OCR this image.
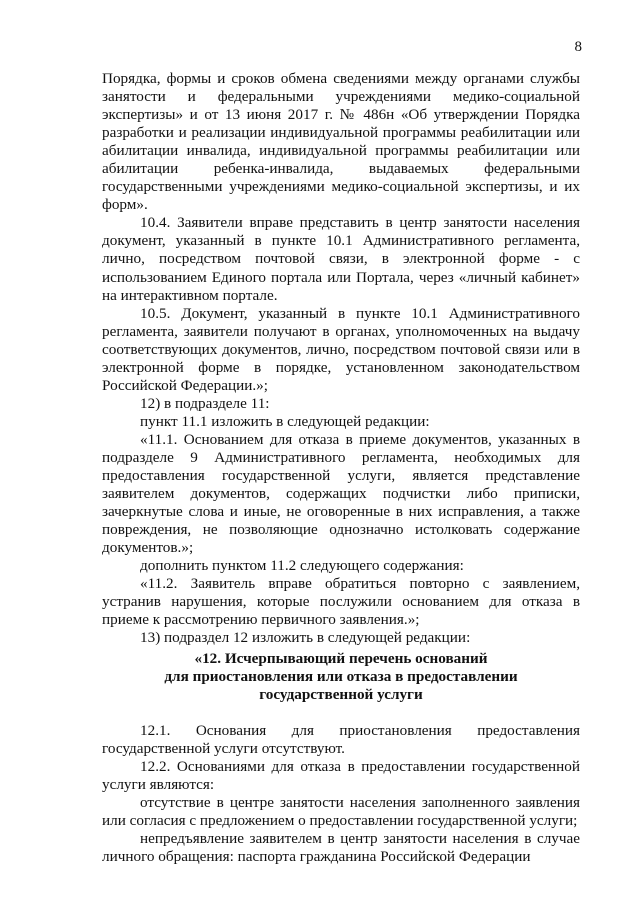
8

Порядка, формы и сроков обмена сведениями между органами службы занятости и федеральными учреждениями медико-социальной экспертизы» и от 13 июня 2017 г. № 486н «Об утверждении Порядка разработки и реализации индивидуальной программы реабилитации или абилитации инвалида, индивидуальной программы реабилитации или абилитации ребенка-инвалида, выдаваемых федеральными государственными учреждениями медико-социальной экспертизы, и их форм».

10.4. Заявители вправе представить в центр занятости населения документ, указанный в пункте 10.1 Административного регламента, лично, посредством почтовой связи, в электронной форме - с использованием Единого портала или Портала, через «личный кабинет» на интерактивном портале.

10.5. Документ, указанный в пункте 10.1 Административного регламента, заявители получают в органах, уполномоченных на выдачу соответствующих документов, лично, посредством почтовой связи или в электронной форме в порядке, установленном законодательством Российской Федерации.»;

12) в подразделе 11:

пункт 11.1 изложить в следующей редакции:

«11.1. Основанием для отказа в приеме документов, указанных в подразделе 9 Административного регламента, необходимых для предоставления государственной услуги, является представление заявителем документов, содержащих подчистки либо приписки, зачеркнутые слова и иные, не оговоренные в них исправления, а также повреждения, не позволяющие однозначно истолковать содержание документов.»;

дополнить пунктом 11.2 следующего содержания:

«11.2. Заявитель вправе обратиться повторно с заявлением, устранив нарушения, которые послужили основанием для отказа в приеме к рассмотрению первичного заявления.»;

13) подраздел 12 изложить в следующей редакции:

«12. Исчерпывающий перечень оснований
для приостановления или отказа в предоставлении
государственной услуги

12.1. Основания для приостановления предоставления государственной услуги отсутствуют.

12.2. Основаниями для отказа в предоставлении государственной услуги являются:

отсутствие в центре занятости населения заполненного заявления или согласия с предложением о предоставлении государственной услуги;

непредъявление заявителем в центр занятости населения в случае личного обращения: паспорта гражданина Российской Федерации
